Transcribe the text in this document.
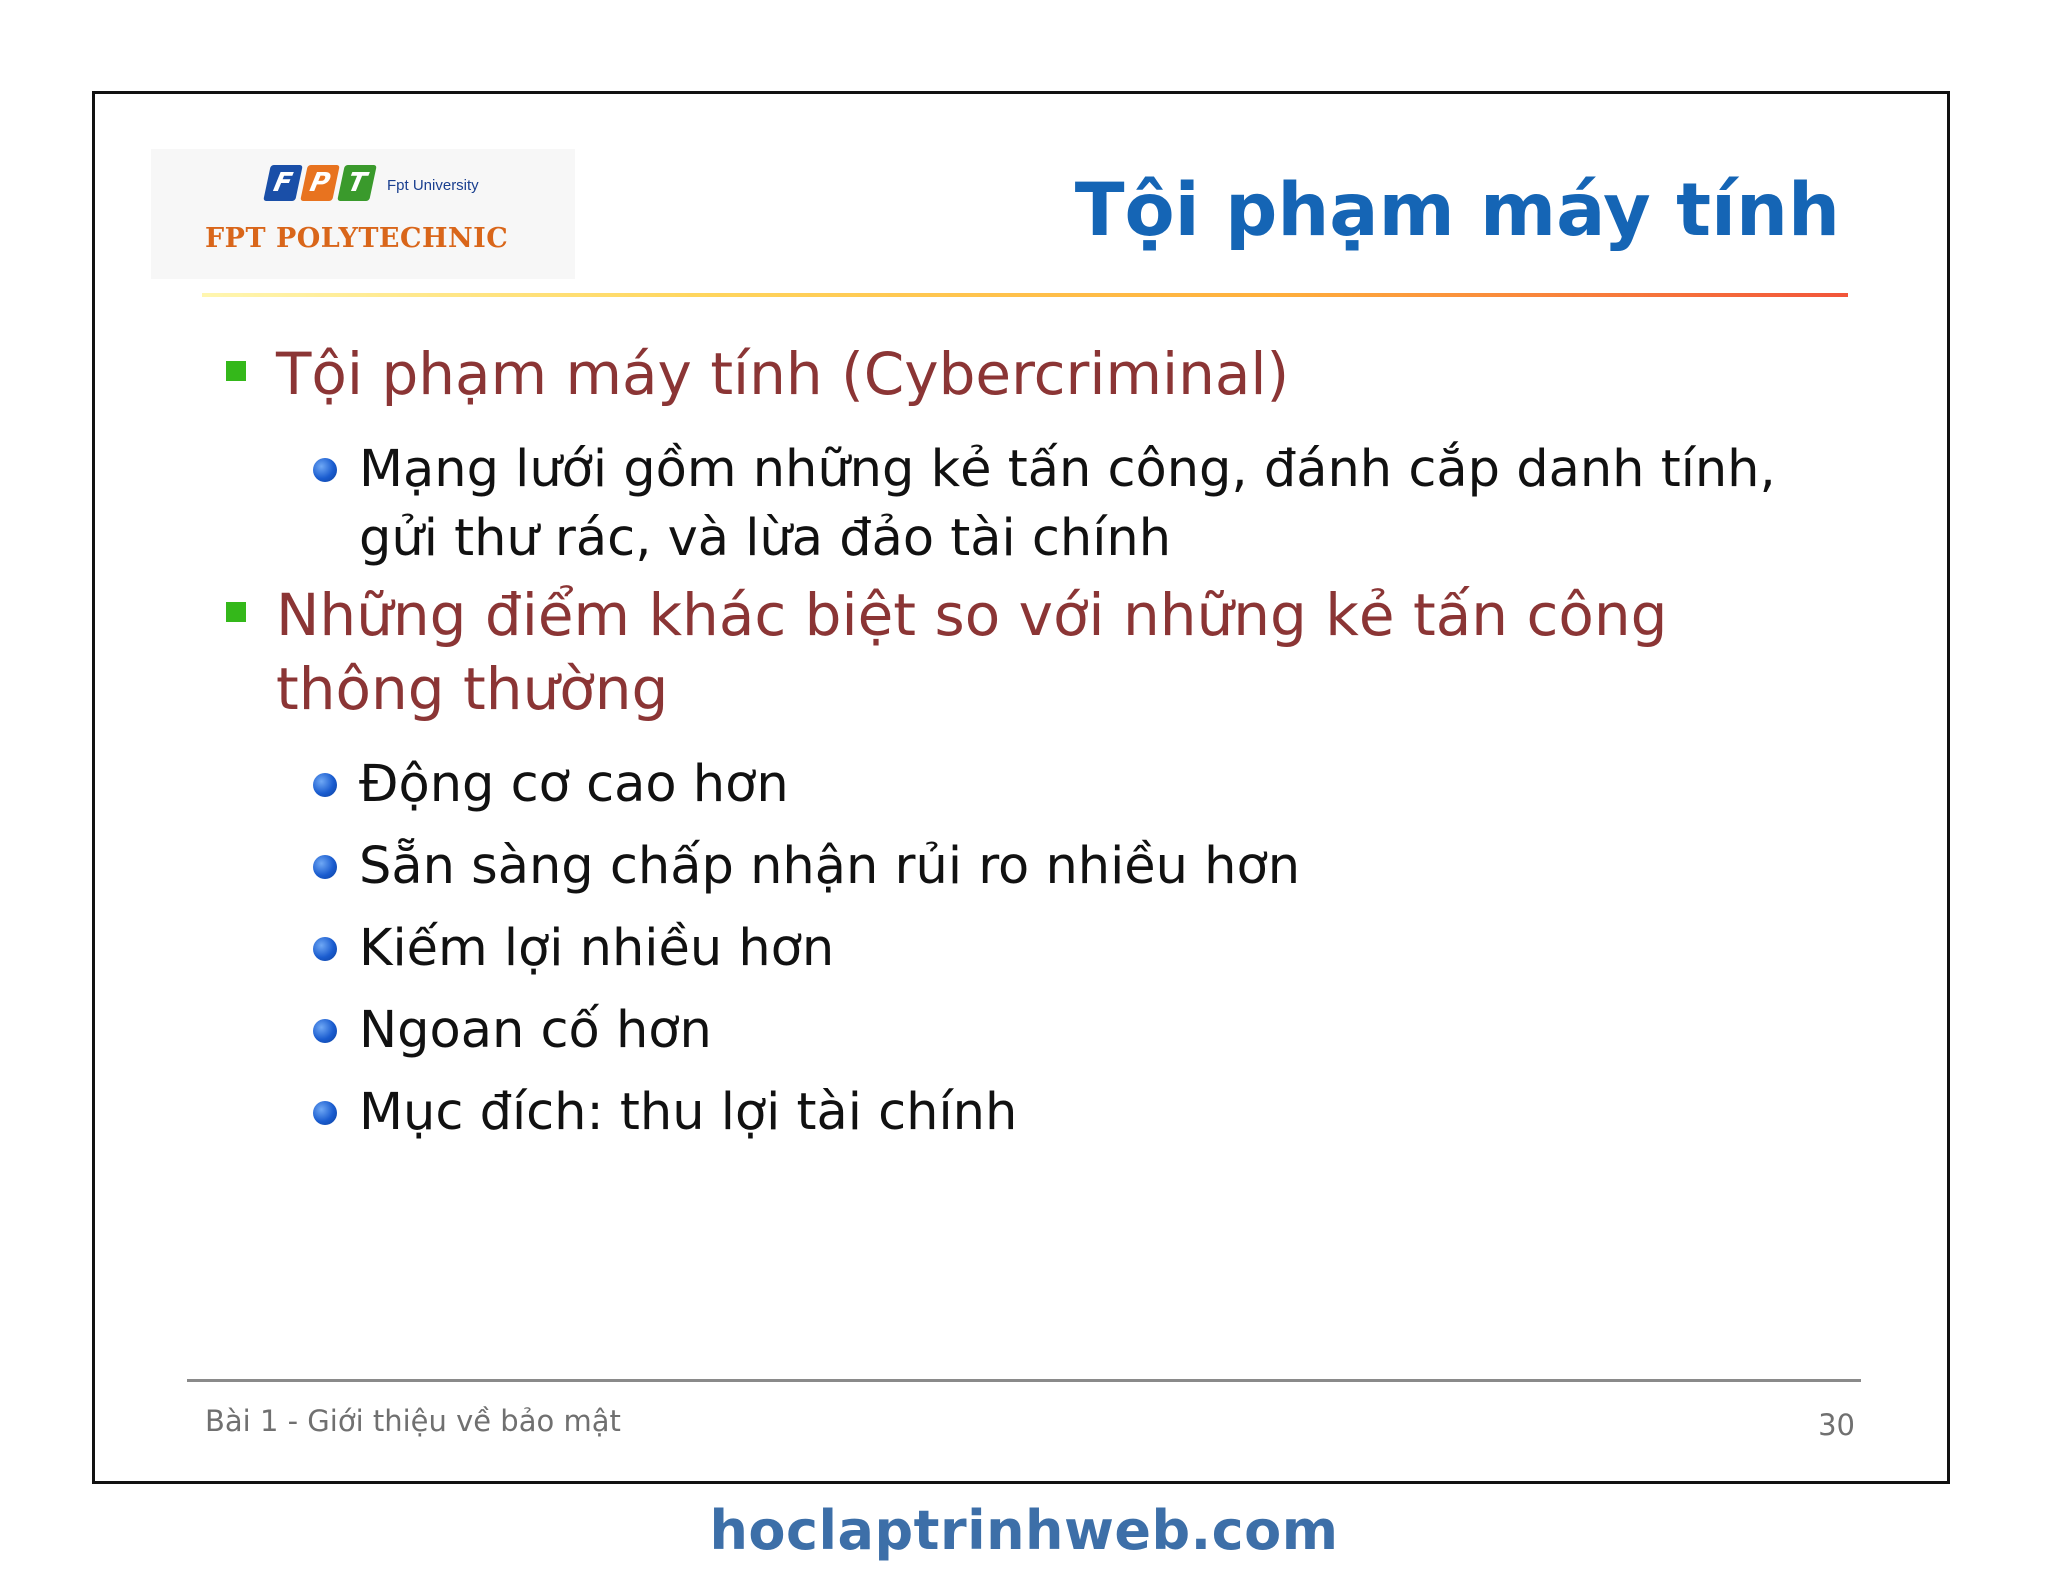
F P T	Fpt University
FPT POLYTECHNIC	Tội phạm máy tính
Tội phạm máy tính (Cybercriminal)
Mạng lưới gồm những kẻ tấn công, đánh cắp danh tính, gửi thư rác, và lừa đảo tài chính
Những điểm khác biệt so với những kẻ tấn công thông thường
Động cơ cao hơn
Sẵn sàng chấp nhận rủi ro nhiều hơn
Kiếm lợi nhiều hơn
Ngoan cố hơn
Mục đích: thu lợi tài chính
Bài 1 - Giới thiệu về bảo mật	30
hoclaptrinhweb.com
